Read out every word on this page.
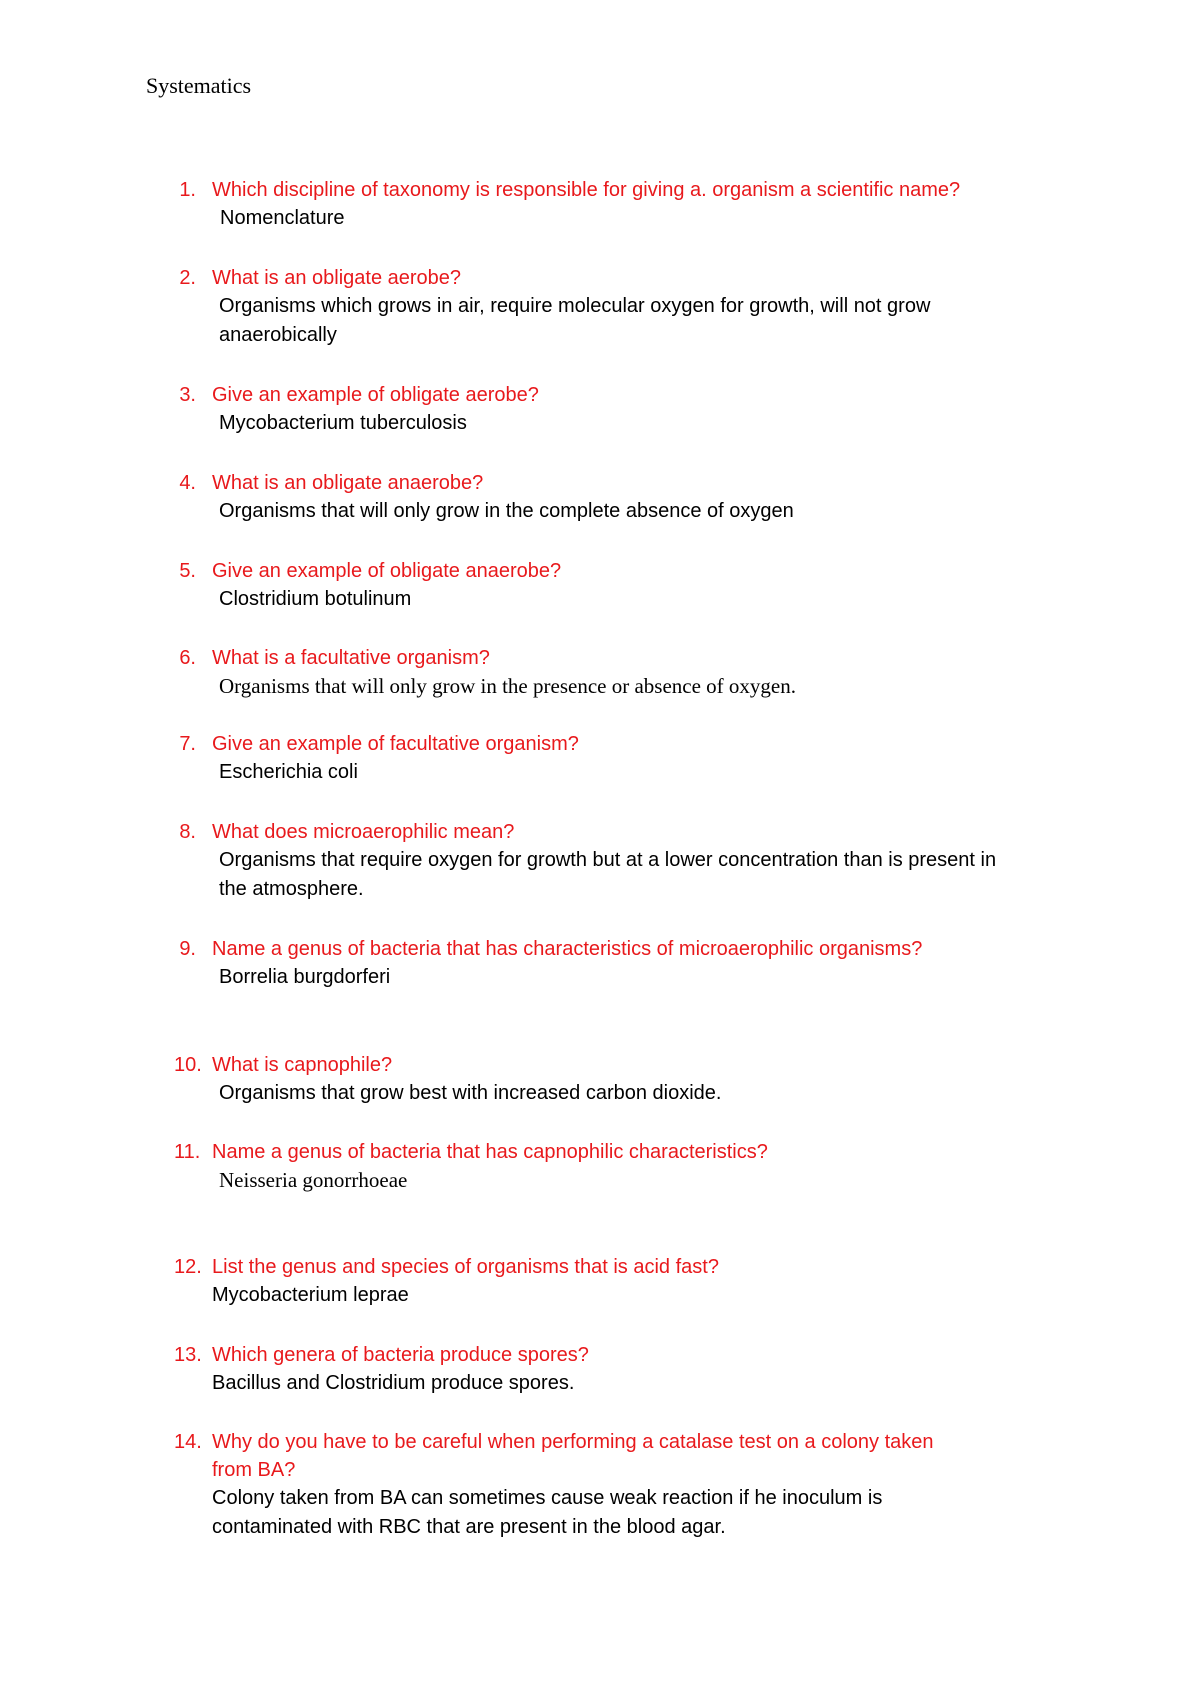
Systematics
1. Which discipline of taxonomy is responsible for giving a. organism a scientific name?
Nomenclature
2. What is an obligate aerobe?
Organisms which grows in air, require molecular oxygen for growth, will not grow anaerobically
3. Give an example of obligate aerobe?
Mycobacterium tuberculosis
4. What is an obligate anaerobe?
Organisms that will only grow in the complete absence of oxygen
5. Give an example of obligate anaerobe?
Clostridium botulinum
6. What is a facultative organism?
Organisms that will only grow in the presence or absence of oxygen.
7. Give an example of facultative organism?
Escherichia coli
8. What does microaerophilic mean?
Organisms that require oxygen for growth but at a lower concentration than is present in the atmosphere.
9. Name a genus of bacteria that has characteristics of microaerophilic organisms?
Borrelia burgdorferi
10. What is capnophile?
Organisms that grow best with increased carbon dioxide.
11. Name a genus of bacteria that has capnophilic characteristics?
Neisseria gonorrhoeae
12. List the genus and species of organisms that is acid fast?
Mycobacterium leprae
13. Which genera of bacteria produce spores?
Bacillus and Clostridium produce spores.
14. Why do you have to be careful when performing a catalase test on a colony taken
from BA?
Colony taken from BA can sometimes cause weak reaction if he inoculum is contaminated with RBC that are present in the blood agar.
